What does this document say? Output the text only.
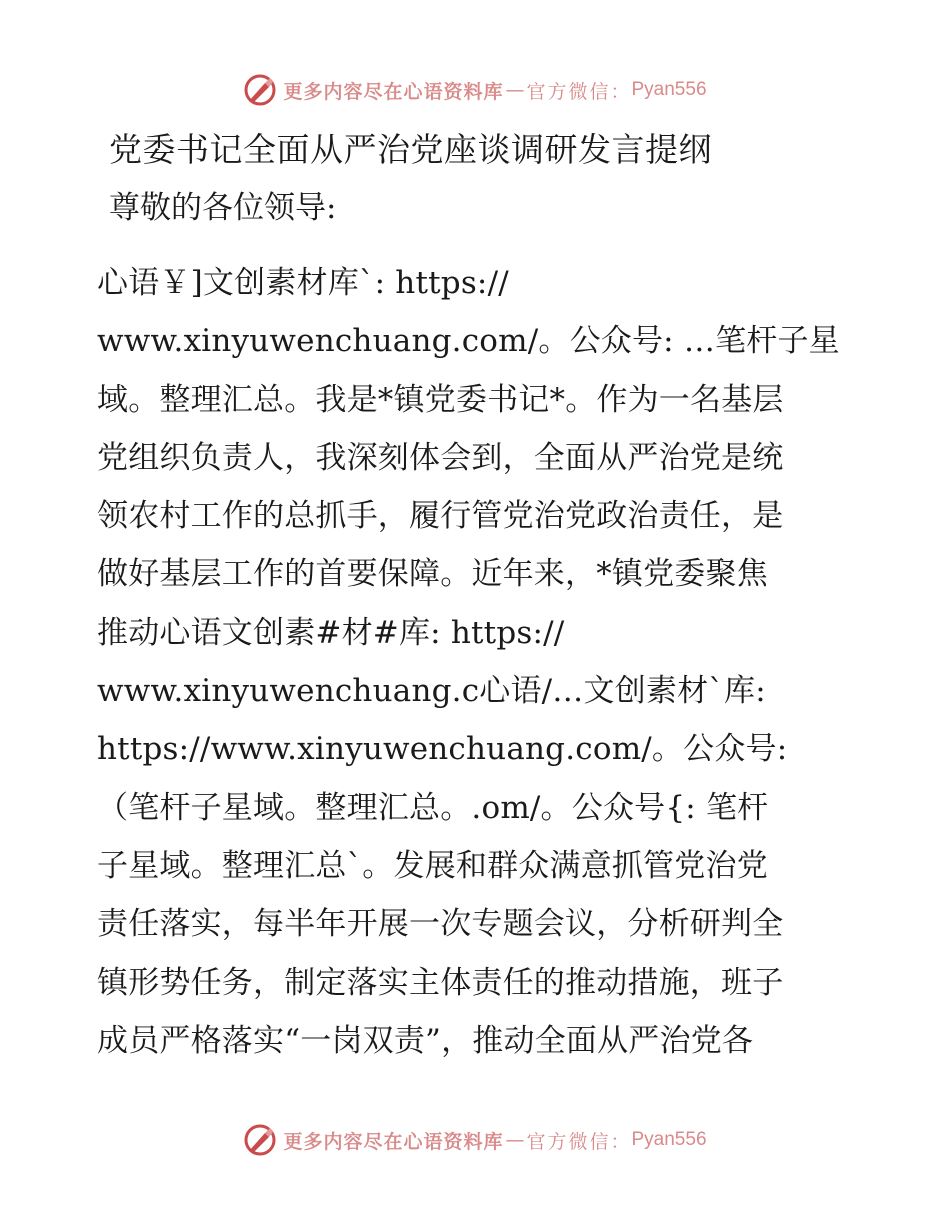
更多内容尽在心语资料库 — 官方微信： Pyan556
党委书记全面从严治党座谈调研发言提纲
尊敬的各位领导:
心语￥]文创素材库`: https://
www.xinyuwenchuang.com/。公众号: …笔杆子星
域。整理汇总。我是*镇党委书记*。作为一名基层
党组织负责人，我深刻体会到，全面从严治党是统
领农村工作的总抓手，履行管党治党政治责任，是
做好基层工作的首要保障。近年来，*镇党委聚焦
推动心语文创素#材#库: https://
www.xinyuwenchuang.c心语/…文创素材`库:
https://www.xinyuwenchuang.com/。公众号:
（笔杆子星域。整理汇总。.om/。公众号{: 笔杆
子星域。整理汇总`。发展和群众满意抓管党治党
责任落实，每半年开展一次专题会议，分析研判全
镇形势任务，制定落实主体责任的推动措施，班子
成员严格落实“一岗双责”，推动全面从严治党各
更多内容尽在心语资料库 — 官方微信： Pyan556
